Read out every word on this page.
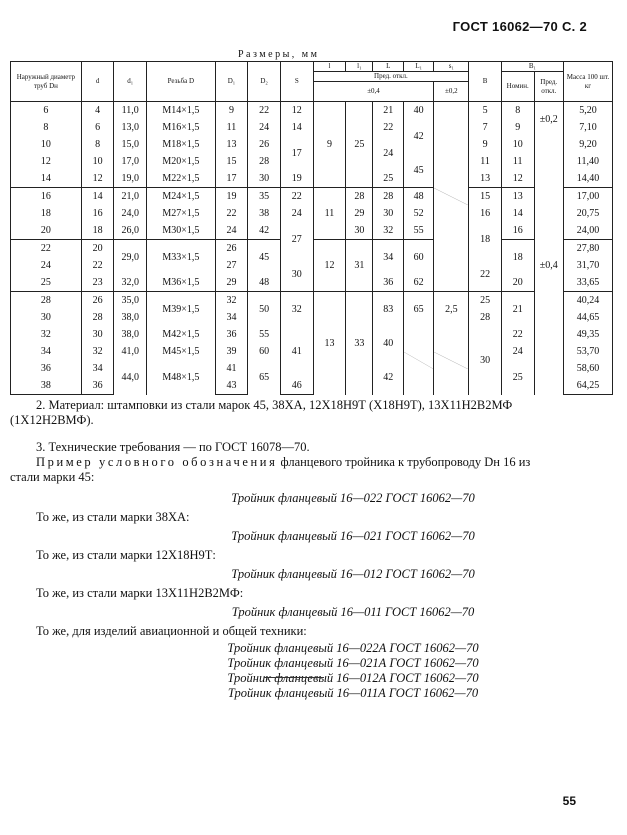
ГОСТ 16062—70 С. 2
Размеры, мм
Наружный диаметр труб Dн	d	d₁	Резьба D	D₁	D₂	S	l	l₁	L	L₁	s₁	B	B₁		Масса 100 шт. кг
							Пред. откл.						Номин.	Пред. откл.	
							±0,4				±0,2				
6	4	11,0	М14×1,5	9	22	12	9	25	21	40		5	8	±0,2	5,20
8	6	13,0	М16×1,5	11	24	14			22	42		7	9		7,10
10	8	15,0	М18×1,5	13	26	17			24			9	10	±0,4	9,20
12	10	17,0	М20×1,5	15	28					45		11	11		11,40
14	12	19,0	М22×1,5	17	30	19			25			13	12		14,40
16	14	21,0	М24×1,5	19	35	22	11	28	28	48		15	13		17,00
18	16	24,0	М27×1,5	22	38	24		29	30	52		16	14		20,75
20	18	26,0	М30×1,5	24	42	27		30	32	55		18	16		24,00
22	20	29,0	М33×1,5	26	45		12	31	34	60			18		27,80
24	22			27		30						22			31,70
25	23	32,0	М36×1,5	29	48				36	62			20		33,65
28	26	35,0	М39×1,5	32	50	32	13	33	83	65	2,5	25	21		40,24
30	28	38,0		34								28			44,65
32	30	38,0	М42×1,5	36	55	41			40			30	22		49,35
34	32	41,0	М45×1,5	39	60								24		53,70
36	34	44,0	М48×1,5	41	65				42				25		58,60
38	36			43		46									64,25
2. Материал: штамповки из стали марок 45, 38ХА, 12Х18Н9Т (Х18Н9Т), 13Х11Н2В2МФ
(1Х12Н2ВМФ).
3. Технические требования — по ГОСТ 16078—70.
Пример условного обозначения фланцевого тройника к трубопроводу Dн 16 из
стали марки 45:
Тройник фланцевый 16—022 ГОСТ 16062—70
То же, из стали марки 38ХА:
Тройник фланцевый 16—021 ГОСТ 16062—70
То же, из стали марки 12Х18Н9Т:
Тройник фланцевый 16—012 ГОСТ 16062—70
То же, из стали марки 13Х11Н2В2МФ:
Тройник фланцевый 16—011 ГОСТ 16062—70
То же, для изделий авиационной и общей техники:
Тройник фланцевый 16—022А ГОСТ 16062—70
Тройник фланцевый 16—021А ГОСТ 16062—70
Тройник фланцевый 16—012А ГОСТ 16062—70
Тройник фланцевый 16—011А ГОСТ 16062—70
55
